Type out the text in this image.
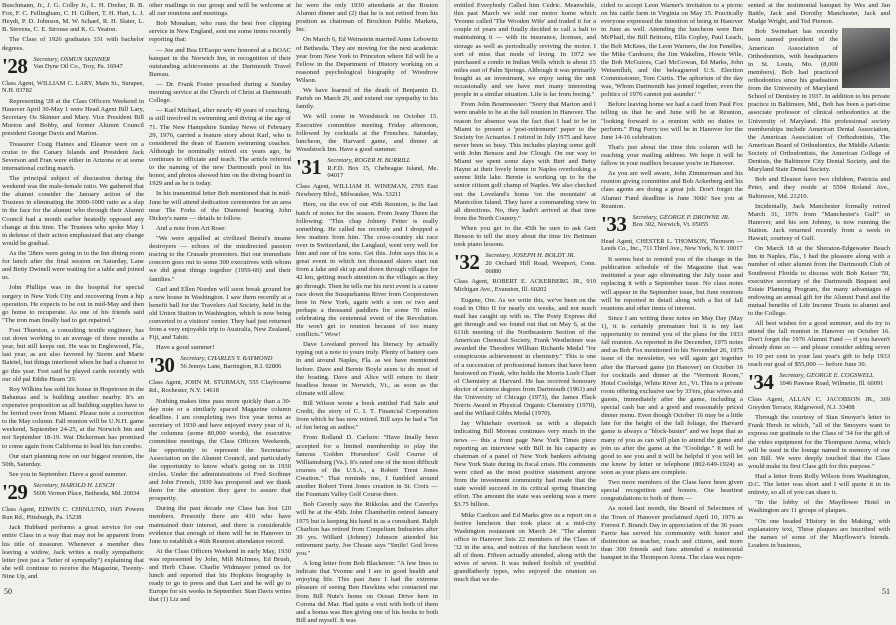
Buschmann, Jr., J. G. Colby Jr., L. H. Dreher, R. B. Fox, F. C. Fellingham, C. H. Gilbert, T. H. Hart, L. J. Heydt, P. D. Johnson, M. W. Schaef, R. H. Slater, L. B. Stevens, C. E. Strouse and K. G. Yeaton.

The Class of 1926 graduates 331 with bachelor degrees.

'28 Secretary, OSMUN SKINNER
Van Dyne Oil Co., Troy, Pa. 16947
Class Agent, WILLIAM C. LARY, Main St., Surapee, N.H. 03782

Representing '28 at the Class Officers Weekend in Hanover April 30-May 1 were Head Agent Bill Lary, Secretary Os Skinner and Mary. Vice President Bill Morton and Bobby, and former Alumni Council president George Davis and Marion.

Treasurer Craig Haines and Eleanor were on a cruise to the Canary Islands and President Jack Severson and Fran were either in Arizona or at some international curling match.

The principal subject of discussion during the weekend was the male-female ratio. We gathered that the alumni consider the January action of the Trustees in eliminating the 3000-1000 ratio as a slap in the face for the alumni who through their Alumni Council had a month earlier heatedly opposed any change at this time. The Trustees who spoke May 1 in defense of their action emphasized that any change would be gradual.

As the '28ers were going in to the Inn dining room for lunch after the final session on Saturday, Lane and Betty Dwinell were waiting for a table and joined us.

John Phillips was in the hospital for special surgery in New York City and recovering from a hip operation. He expects to be out in mid-May and then go home to recuperate. As one of his friends said "The iron man finally had to get repaired."

Fost Thurston, a consulting textile engineer, has cut down working to an average of three months a year, but still keeps out. He was in Englewood, Fla., last year, as are also favored by Storm and Marie Baietel, but things interfered when he had a chance to go this year. Feet said he played cards recently with our old pal Eddie Hearn '29.

Roy Wilkins has sold his house in Hopetown in the Bahamas and is building another nearby. It's an expensive proposition as all building supplies have to be ferried over from Miami. Please note a correction to the May column. Fall reunion will be U.N.H. game weekend, September 24-25, at the Norwich Inn and not September 18-19. Wat Dickerman has promised to come again from California to lead his fun combo.

Our start planning now on our biggest reunion, the 50th, Saturday.

See you in September. Have a good summer.

'29 Secretary, HAROLD H. LESCH
5606 Vernon Place, Bethesda, Md. 20034
Class Agent, EDWIN C. CHINLUND, 1605 Powers Run Rd., Pittsburgh, Pa. 15238

Jack Hubbard performs a great service for our entire Class in a way that may not be apparent from his title of treasurer. Whenever a member dies leaving a widow, Jack writes a really sympathetic letter (not just a "letter of sympathy") explaining that she will continue to receive the Magazine, Twenty-Nine Up, and

other mailings to our group and will be welcome at all our reunions and meetings.

Bob Monahan, who runs the best free clipping service in New England, sent me some items recently reporting that:

— Joe and Bea D'Esopo were honored at a BOAC banquet in the Norwich Inn, in recognition of their outstanding achievements at the Dartmouth Travel Bureau.

— Dr. Frank Foster preached during a Sunday morning service at the Church of Christ at Dartmouth College.

— Karl Michael, after nearly 40 years of coaching, is still involved in swimming and diving at the age of 71. The New Hampshire Sunday News of February 29, 1976, carried a feature story about Karl, who is considered the dean of Eastern swimming coaches. Although he nominally retired six years ago, he continues to officiate and teach. The article referred to the naming of the new Dartmouth pool in his honor, and photos showed him on the diving board in 1929 and as he is today.

In his transmittal letter Bob mentioned that in mid-June he will attend dedication ceremonies for an area near The Forks of the Diamond bearing John Dickey's name — details to follow.

And a note from Art Rose:

"We were appalled at civilized Beirut's insane destroyers — echoes of the misdirected passion tracing to the Crusade promoters. But our immediate concern goes out to some 300 executives with whom we did great things together (1959-60) and their families."

Carl and Ellen Norden will soon break ground for a new house in Washington. I saw them recently at a benefit ball for the Travelers Aid Society, held in the old Union Station in Washington, which is now being converted to a visitors' center. They had just returned from a very enjoyable trip to Australia, New Zealand, Fiji, and Tahiti.

Have a good summer!

'30 Secretary, CHARLES Y. RAYMOND
56 Jennys Lane, Barrington, R.I. 02806
Class Agent, JOHN M. STURMAN, 555 Claybourne Rd., Rochester, N.Y. 14618

Nothing makes time pass more quickly than a 30-day note or a similarly spaced Magazine column deadline. I am completing two five year terms as secretary of 1930 and have enjoyed every year of it, the columns (some 80,000 words), the executive committee meetings, the Class Officers Weekends, the opportunity to represent the Secretaries' Association on the Alumni Council, and particularly the opportunity to know what's going on in 1930 circles. Under the administrations of Fred Scribner and John French, 1930 has prospered and we thank them for the attention they gave to assure that prosperity.

During the past decade our Class has lost 120 members. Presently there are 410 who have maintained their interest, and there is considerable evidence that enough of them will be in Hanover in June to establish a 46th Reunion attendance record.

At the Class Officers Weekend in early May, 1930 was represented by John, Milt McInnes, Ed Brush, and Herb Chase. Charlie Widmayer joined us for lunch and reported that his Hopkins biography is ready to go to press and that Lari and he will go to Europe for six weeks in September. Stan Davis writes that (1) Liz and

he were the only 1930 attendants at the Boston Alumni dinner and (2) that he is not retired from his position as chairman of Brockton Public Markets, Inc.

On March 6, Ed Weinstein married Anne Lebowitz of Bethesda. They are moving for the next academic year from New York to Princeton where Ed will be a Fellow in the Department of History working on a reasoned psychological biography of Woodrow Wilson.

We have learned of the death of Benjamin D. Parish on March 29, and extend our sympathy to his family.

We will come in Woodstock on October 15. Executive committee meeting Friday afternoon, followed by cocktails at the Frenches. Saturday, luncheon, the Harvard game, and dinner at Woodstock Inn. Have a good summer.

'31 Secretary, ROGER H. BURRILL
R.F.D. Box 15, Chebeague Island, Me. 04017
Class Agent, WILLIAM H. WINEMAN, 2705 East Newberry Blvd., Milwaukee, Wis. 53211

Here, on the eve of our 45th Reunion, is the last batch of notes for the season. From Jeany Theen the following: "This chap Johnny Fetter is really something. He called me recently and I dropped a few matters from him. The cross-country ski race over in Switzerland, the Langlauf, went very well for him and one of his sons. Get this. John says this is a great event in which ten thousand skiers start out from a lake and ski up and down through villages for 42 km, getting much attention in the villages as they go through. Then he tells me his next event is a canoe race down the Susquehanna River from Cooperstown here in New York, again with a son or two and perhaps a thousand paddlers for some 70 miles celebrating the centennial event of the Revolution. He won't get to reunion because of too many conflicts." Wow!

Dave Loveland proved his literacy by actually typing out a note to yours truly. Plenty of battery cars in and around Naples, Fla. as we have mentioned before. Dave and Bernie Boyle seem to do most of the boating. Dave and Alice will return to their headless house in Norwich, Vt., as soon as the climate will allow.

Bill Wilson wrote a book entitled Fail Safe and Credit, the story of C. I. T. Financial Corporation from which he has now retired. Bill says he had a "lot of fun being an author."

From Rolland D. Carlson: "Have finally been accepted for a limited membership to play the famous 'Golden Horseshoe' Golf Course of Williamsburg (Va.). It's rated one of the most difficult courses of the U.S.A., a Robert Trent Jones Creation." That reminds me, I fumbled around another Robert Trent Jones creation in St. Croix — the Fountain Valley Golf Course there.

Bob Caverly says the Rikkolas and the Caverlys will be at the 45th. John Chamberlin retired January 1975 but is keeping his hand in as a consultant. Ralph Charlton has retired from Conpelium Industries after 39 yrs. Willard (Johnny) Johnson attended his retirement party. Joe Choate says "Smile! God loves you."

A long letter from Bob Blackmon: "A few lines to indicate that Yvonne and I are in good health and enjoying life. This past June I had the extreme pleasure of seeing Ben Hawkins who contacted me from Bill Nute's home on Ocean Drive here in Corona del Mar. Had quite a visit with both of them and a bonus was Ben giving one of his books to both Bill and myself. It was

50

entitled Everybody Called him Cedric. Meanwhile, this past March we sold our motor home which Yvonne called 'The Wooden Wife' and traded it for a couple of years and finally decided to call a halt to maintaining it — with its insurance, licenses, and storage as well as periodically reviving the motor. I sort of miss that mode of living. In 1972 we purchased a condo in Indian Wells which is about 15 miles east of Palm Springs. Although it was primarily bought as an investment, we enjoy using the unit occasionally and we have met many interesting people in a similar situation. Life is far from boring."

From John Bourmeester: "Sorry that Marion and I were unable to be at the fall reunion in Hanover. The reason for absence was the fact that I had to be in Miami to present a 'post-retirement' paper to the Society for Actuaries. I retired in July 1975 and have never been so busy. This includes playing some golf with John Benson and Joe Clough. On our way to Miami we spent some days with Bert and Betty Hayne at their lovely home in Naples overlooking a serene little lake. Bernie is working up to be the senior citizen golf champ of Naples. We also checked out the Loveland's home 'on the mountain' at Manicolon Island. They have a commanding view in all directions. No, they hadn't arrived at that time from the North Country."

When you get to the 45th be sure to ask Gert Benson to tell the story about the time Irv Bettman took piano lessons.

'32 Secretary, JOSEPH H. BOLDT JR.
20 Orchard Hill Road, Westport, Conn. 06880
Class Agent, ROBERT E. ACKERBERG JR., 919 Michigan Ave., Evanston, Ill. 60202

Eugene, Ore. As we write this, we've been on the road in Ohio II for nearly six weeks, and not much mail has caught up with us. The Posty Express did get through and we found out that on May 6, at the 611th meeting of the Northeastern Section of the American Chemical Society, Frank Westheimer was awarded the Theodore William Richards Medal "for conspicuous achievement in chemistry." This is one of a succession of professional honors that have been bestowed on Frank, who holds the Morris Loeb Chair of Chemistry at Harvard. He has received honorary doctor of science degrees from Dartmouth (1961) and the University of Chicago (1973), the James Flack Norris Award in Physical Organic Chemistry (1970), and the Willard Gibbs Medal (1970).

Jay Whitehair overtook us with a dispatch indicating Bill Moreau continues very much in the news — this a front page New York Times piece reporting an interview with Bill in his capacity as chairman of a panel of New York bankers advising New York State during its fiscal crisis. His comments were cited as the most positive statement anyone from the investment community had made that the state would succeed in its critical spring financing effort. The amount the state was seeking was a mere $3.75 billion.

Mike Cardozo and Ed Marks give us a report on a festive luncheon that took place at a mid-city Washington restaurant on March 24: "The alumni office in Hanover lists 22 members of the Class of '32 in the area, and notices of the luncheon went to all of them. Fifteen actually attended, along with the wives of seven. It was indeed foolish of youthful grandfatherly types, who enjoyed the reunion so much that we de-

cided to accept Leon Warner's invitation to a picnic on his cattle farm in Virginia on May 15. Practically everyone expressed the intention of being in Hanover in June as well. Attending the luncheon were Ben McPhail, the Bill Brittons, Ellis Copley, Paul Leach, the Bob McKees, the Leon Warners, the Joe Fenelles, the Mike Cardozos, the Jim Wakelins, Howie Wile, the Bob McGuires, Carl McGowan, Ed Marks, John Weisenfluh, and the beleaguered U.S. Election Commissioner, Tom Curtis. The aphorism of the day was, 'Whom Dartmouth has joined together, even the politics of 1976 cannot put asunder.' "

Before leaving home we had a card from Paul Fox telling us that he and June will be at Reunion, "looking forward to a reunion with no duties to perform." Ping Ferry too will be in Hanover for the June 14-16 celebration.

That's just about the time this column will be reaching your mailing address. We hope it will be fallow in your mailbox because you're in Hanover.

As you are well aware, John Zimmerman and his reunion giving committee and Bob Ackerberg and his class agents are doing a great job. Don't forget the Alumni Fund deadline is June 30th! See you at Reunion.

'33 Secretary, GEORGE P. DROWNE JR.
Box 302, Norwich, Vt. 05055
Head Agent, CHESTER L. THOMSON, Thomson — Leeds Co., Inc., 711 Third Ave., New York, N.Y. 10017

It seems best to remind you of the change in the publication schedule of the Magazine that was instituted a year ago eliminating the July issue and replacing it with a September issue. No class notes will appear in the September issue, but June reunions will be reported in detail along with a list of fall reunions and other items of interest.

Since I am writing these notes on May Day (May 1), it is certainly premature but it is my last opportunity to remind you of the plans for the 1933 fall reunion. As reported in the December, 1975 notes and as Bob Fox mentioned in his November 26, 1975 issue of the newsletter, we will again get together after the Harvard game (in Hanover) on October 16 for cocktails and dinner at the "Vermont Room," Hotel Coolidge, White River Jct., Vt. This is a private room offering exclusive use by 33'ers, plus wives and guests, immediately after the game, including a special cash bar and a good and reasonably priced dinner menu. Even though October 16 may be a little late for the height of the fall foliage, the Harvard game is always a "block-buster" and we hope that as many of you as can will plan to attend the game and join us after the game at the "Coolidge." It will be good to see you and it will be helpful if you will let me know by letter or telephone (802-649-1924) as soon as your plans are complete.

Two more members of the Class have been given special recognition and honors. Our heartiest congratulations to both of them —

As noted last month, the Board of Selectmen of the Town of Hanover proclaimed April 10, 1976 as Forrest F. Branch Day in appreciation of the 36 years Farrie has served his community with honor and distinction as teacher, coach and citizen, and more than 300 friends and fans attended a testimonial banquet in the Thompson Arena. The class was repre-

sented at the testimonial banquet by Wes and Jan Battle, Jack and Dorothy Manchester, Jack and Madge Wright, and Ted Pierson.

Bob Swinehart has recently been named president of the American Association of Orthodontists, with headquarters in St. Louis, Mo. (8,000 members). Bob had practiced orthodontics since his graduation from the University of Maryland School of Dentistry in 1937. In addition to his private practice in Baltimore, Md., Bob has been a part-time associate professor of clinical orthodontics at the University of Maryland. His professional society memberships include American Dental Association, the American Association of Orthodontists, The American Board of Orthodontics, the Middle Atlantic Society of Orthodontists, the American College of Dentists, the Baltimore City Dental Society, and the Maryland State Dental Society.

Bob and Eleanor have two children, Patricia and Peter, and they reside at 5504 Roland Ave., Baltimore, Md. 21210.

Incidentally, Jack Manchester formally retired March 31, 1976 from "Manchester's Gulf" in Hanover, and his son Johnny, is now running the Station. Jack returned recently from a week in Hawaii, courtesy of Gulf.

On March 18 at the Sheraton-Edgewater Beach Inn in Naples, Fla., I had the pleasure along with a number of other alumni from the Dartmouth Club of Southwest Florida to discuss with Bob Keiser '59, executive secretary of the Dartmouth Bequest and Estate Planning Program, the many advantages of endowing an annual gift for the Alumni Fund and the mutual benefits of Life Income Trusts to alumni and to the College.

All best wishes for a good summer, and do try to attend the fall reunion in Hanover on October 16. Don't forget the 1976 Alumni Fund — if you haven't already done so — and please consider adding seven to 10 per cent to your last year's gift to help 1933 reach our goal of $55,000 — before June 30.

'34 Secretary, GEORGE E. COGSWELL
1046 Pawnee Road, Wilmette, Ill. 60091
Class Agent, ALLAN C. JACOBSON JR., 369 Greydon Terrace, Ridgewood, N.J. 33408

Through the courtesy of Stan Smoyer's letter to Frank Hersh in which, "all of the Smoyers want to express our gratitude to the Class of '34 for the gift of the video equipment for the Thompson Arena, which will be used in the lounge named in memory of our son Bill. We were deeply touched that the Class would make its first Class gift for this purpose."

Had a letter from Rolly Wilson from Washington, D.C. The letter was short and I will quote it in its entirety, so all of you can share it.

"In the lobby of the Mayflower Hotel in Washington are 11 groups of plaques.

"On one headed 'History in the Making,' with explanatory text, 'These plaques are inscribed with the names of some of the Mayflower's friends. Leaders in business,

51
